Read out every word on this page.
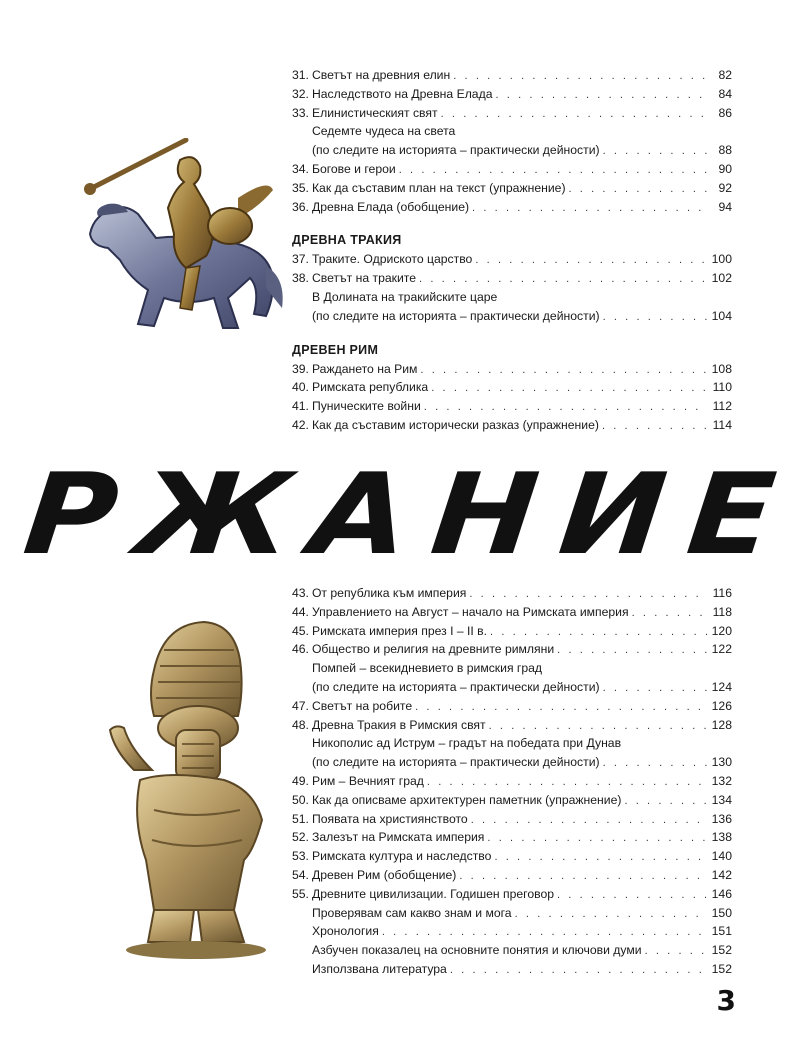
31. Светът на древния елин . . .	82
32. Наследството на Древна Елада . . .	84
33. Елинистическият свят . . .	86
Седемте чудеса на света
(по следите на историята – практически дейности) . . .	88
34. Богове и герои . . .	90
35. Как да съставим план на текст (упражнение) . . .	92
36. Древна Елада (обобщение) . . .	94
ДРЕВНА ТРАКИЯ
37. Траките. Одриското царство . . .	100
38. Светът на траките . . .	102
В Долината на тракийските царе
(по следите на историята – практически дейности) . . .	104
ДРЕВЕН РИМ
39. Раждането на Рим . . .	108
40. Римската република . . .	110
41. Пуническите войни . . .	112
42. Как да съставим исторически разказ (упражнение) . . .	114
Р Ж А Н И Е
43. От република към империя . . .	116
44. Управлението на Август – начало на Римската империя . . .	118
45. Римската империя през I – II в. . . .	120
46. Общество и религия на древните римляни . . .	122
Помпей – всекидневието в римския град
(по следите на историята – практически дейности) . . .	124
47. Светът на робите . . .	126
48. Древна Тракия в Римския свят . . .	128
Никополис ад Иструм – градът на победата при Дунав
(по следите на историята – практически дейности) . . .	130
49. Рим – Вечният град . . .	132
50. Как да описваме архитектурен паметник (упражнение) . . .	134
51. Появата на християнството . . .	136
52. Залезът на Римската империя . . .	138
53. Римската култура и наследство . . .	140
54. Древен Рим (обобщение) . . .	142
55. Древните цивилизации. Годишен преговор . . .	146
Проверявам сам какво знам и мога . . .	150
Хронология . . .	151
Азбучен показалец на основните понятия и ключови думи . . .	152
Използвана литература . . .	152
3
